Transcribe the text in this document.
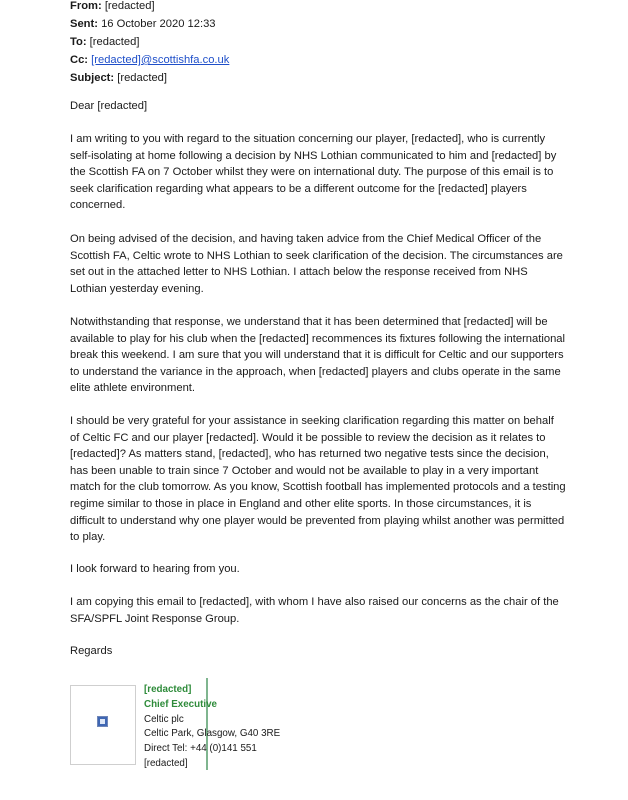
From: [redacted]
Sent: 16 October 2020 12:33
To: [redacted]
Cc: [redacted]@scottishfa.co.uk
Subject: [redacted]

Dear [redacted]

I am writing to you with regard to the situation concerning our player, [redacted], who is currently self-isolating at home following a decision by NHS Lothian communicated to him and [redacted] by the Scottish FA on 7 October whilst they were on international duty. The purpose of this email is to seek clarification regarding what appears to be a different outcome for the [redacted] players concerned.

On being advised of the decision, and having taken advice from the Chief Medical Officer of the Scottish FA, Celtic wrote to NHS Lothian to seek clarification of the decision. The circumstances are set out in the attached letter to NHS Lothian. I attach below the response received from NHS Lothian yesterday evening.

Notwithstanding that response, we understand that it has been determined that [redacted] will be available to play for his club when the [redacted] recommences its fixtures following the international break this weekend. I am sure that you will understand that it is difficult for Celtic and our supporters to understand the variance in the approach, when [redacted] players and clubs operate in the same elite athlete environment.

I should be very grateful for your assistance in seeking clarification regarding this matter on behalf of Celtic FC and our player [redacted]. Would it be possible to review the decision as it relates to [redacted]? As matters stand, [redacted], who has returned two negative tests since the decision, has been unable to train since 7 October and would not be available to play in a very important match for the club tomorrow. As you know, Scottish football has implemented protocols and a testing regime similar to those in place in England and other elite sports. In those circumstances, it is difficult to understand why one player would be prevented from playing whilst another was permitted to play.

I look forward to hearing from you.

I am copying this email to [redacted], with whom I have also raised our concerns as the chair of the SFA/SPFL Joint Response Group.

Regards

[redacted]
Chief Executive
Celtic plc
Celtic Park, Glasgow, G40 3RE
Direct Tel: +44 (0)141 551
[redacted]
